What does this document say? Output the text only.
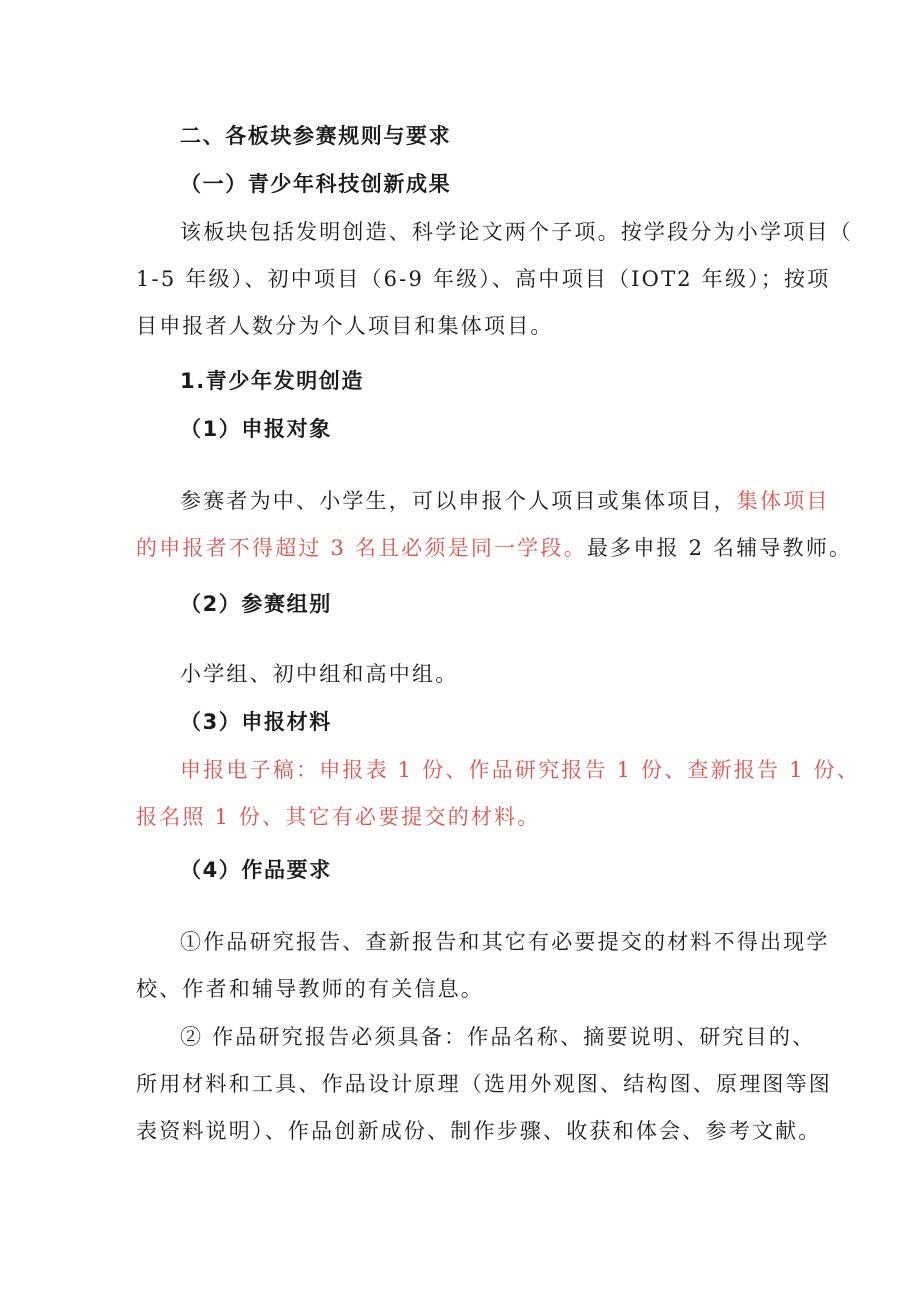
二、各板块参赛规则与要求
（一）青少年科技创新成果
该板块包括发明创造、科学论文两个子项。按学段分为小学项目（
1-5 年级）、初中项目（6-9 年级）、高中项目（IOT2 年级）；按项
目申报者人数分为个人项目和集体项目。
1.青少年发明创造
（1）申报对象
参赛者为中、小学生，可以申报个人项目或集体项目，集体项目
的申报者不得超过 3 名且必须是同一学段。最多申报 2 名辅导教师。
（2）参赛组别
小学组、初中组和高中组。
（3）申报材料
申报电子稿：申报表 1 份、作品研究报告 1 份、查新报告 1 份、
报名照 1 份、其它有必要提交的材料。
（4）作品要求
①作品研究报告、查新报告和其它有必要提交的材料不得出现学
校、作者和辅导教师的有关信息。
② 作品研究报告必须具备：作品名称、摘要说明、研究目的、
所用材料和工具、作品设计原理（选用外观图、结构图、原理图等图
表资料说明）、作品创新成份、制作步骤、收获和体会、参考文献。
